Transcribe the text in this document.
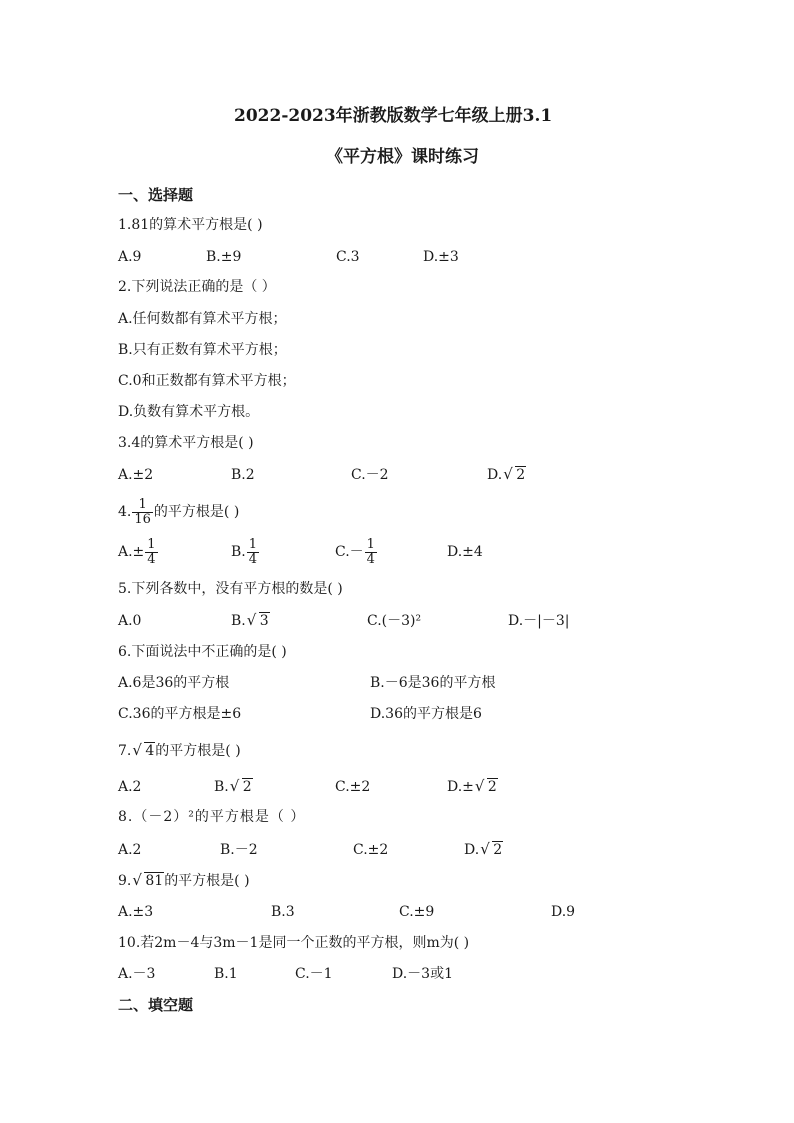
2022-2023年浙教版数学七年级上册3.1
《平方根》课时练习
一、选择题
1.81的算术平方根是( )
A.9	B.±9	C.3	D.±3
2.下列说法正确的是（ ）
A.任何数都有算术平方根；
B.只有正数有算术平方根；
C.0和正数都有算术平方根；
D.负数有算术平方根。
3.4的算术平方根是( )
A.±2	B.2	C.－2	D. √ 2
4. $\frac{1}{16}$ 的平方根是( )
$A.\pm \frac{1}{4}$	B. $\frac{1}{4}$	$C.- \frac{1}{4}$	D.±4
5.下列各数中，没有平方根的数是( )
A.0	B. √ 3	C.(－3)²	D.－|－3|
6.下面说法中不正确的是( )
A.6是36的平方根	B.－6是36的平方根
C.36的平方根是±6	D.36的平方根是6
7. √ 4的平方根是( )
A.2	B. √ 2	C.±2	D.± √ 2
8.（－2）²的平方根是（ ）
A.2	B.－2	C.±2	D. √ 2
9. √ 81的平方根是( )
A.±3	B.3	C.±9	D.9
10.若2m－4与3m－1是同一个正数的平方根，则m为( )
A.－3	B.1	C.－1	D.－3或1
二、填空题
